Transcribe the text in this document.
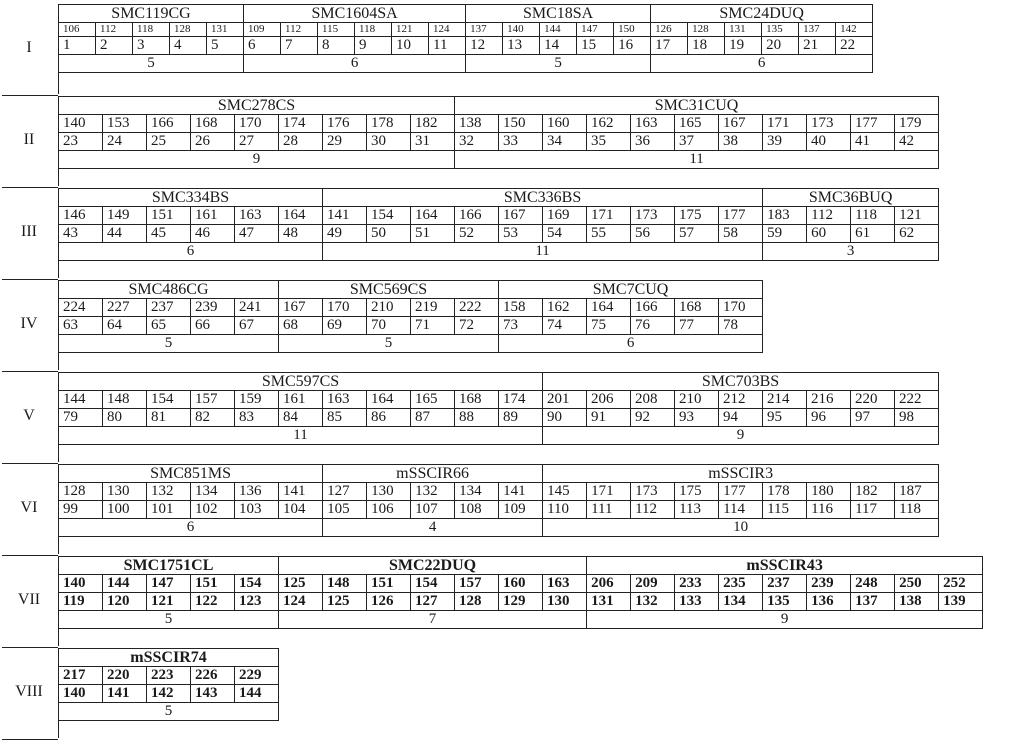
I
SMC119CG					SMC1604SA						SMC18SA					SMC24DUQ					
106	112	118	128	131	109	112	115	118	121	124	137	140	144	147	150	126	128	131	135	137	142
1	2	3	4	5	6	7	8	9	10	11	12	13	14	15	16	17	18	19	20	21	22
5					6						5					6					
II
SMC278CS									SMC31CUQ										
140	153	166	168	170	174	176	178	182	138	150	160	162	163	165	167	171	173	177	179
23	24	25	26	27	28	29	30	31	32	33	34	35	36	37	38	39	40	41	42
9									11										
III
SMC334BS						SMC336BS										SMC36BUQ			
146	149	151	161	163	164	141	154	164	166	167	169	171	173	175	177	183	112	118	121
43	44	45	46	47	48	49	50	51	52	53	54	55	56	57	58	59	60	61	62
6						11										3			
IV
SMC486CG					SMC569CS					SMC7CUQ					
224	227	237	239	241	167	170	210	219	222	158	162	164	166	168	170
63	64	65	66	67	68	69	70	71	72	73	74	75	76	77	78
5					5					6					
V
SMC597CS											SMC703BS								
144	148	154	157	159	161	163	164	165	168	174	201	206	208	210	212	214	216	220	222
79	80	81	82	83	84	85	86	87	88	89	90	91	92	93	94	95	96	97	98
11											9								
VI
SMC851MS						mSSCIR66					mSSCIR3								
128	130	132	134	136	141	127	130	132	134	141	145	171	173	175	177	178	180	182	187
99	100	101	102	103	104	105	106	107	108	109	110	111	112	113	114	115	116	117	118
6						4					10								
VII
SMC1751CL					SMC22DUQ							mSSCIR43								
140	144	147	151	154	125	148	151	154	157	160	163	206	209	233	235	237	239	248	250	252
119	120	121	122	123	124	125	126	127	128	129	130	131	132	133	134	135	136	137	138	139
5					7							9								
VIII
mSSCIR74				
217	220	223	226	229
140	141	142	143	144
5				
